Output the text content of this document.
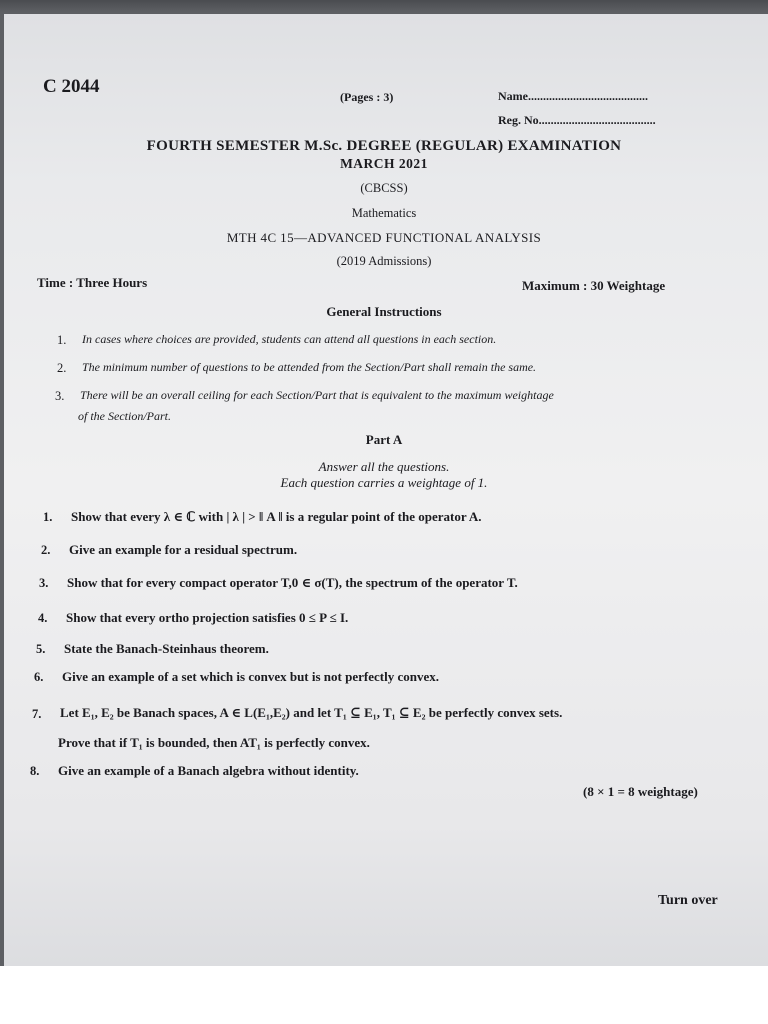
C 2044	(Pages : 3)	Name........................................
Reg. No.......................................
FOURTH SEMESTER M.Sc. DEGREE (REGULAR) EXAMINATION
MARCH 2021
(CBCSS)
Mathematics
MTH 4C 15—ADVANCED FUNCTIONAL ANALYSIS
(2019 Admissions)
Time : Three Hours	Maximum : 30 Weightage
General Instructions
1. In cases where choices are provided, students can attend all questions in each section.
2. The minimum number of questions to be attended from the Section/Part shall remain the same.
3. There will be an overall ceiling for each Section/Part that is equivalent to the maximum weightage
of the Section/Part.
Part A
Answer all the questions.
Each question carries a weightage of 1.
1. Show that every λ ∈ ℂ with | λ | > ‖ A ‖ is a regular point of the operator A.
2. Give an example for a residual spectrum.
3. Show that for every compact operator T,0 ∈ σ(T), the spectrum of the operator T.
4. Show that every ortho projection satisfies 0 ≤ P ≤ I.
5. State the Banach-Steinhaus theorem.
6. Give an example of a set which is convex but is not perfectly convex.
7. Let E₁, E₂ be Banach spaces, A ∈ L(E₁,E₂) and let T₁ ⊆ E₁, T₁ ⊆ E₂ be perfectly convex sets.
Prove that if T₁ is bounded, then AT₁ is perfectly convex.
8. Give an example of a Banach algebra without identity.
(8 × 1 = 8 weightage)
Turn over
